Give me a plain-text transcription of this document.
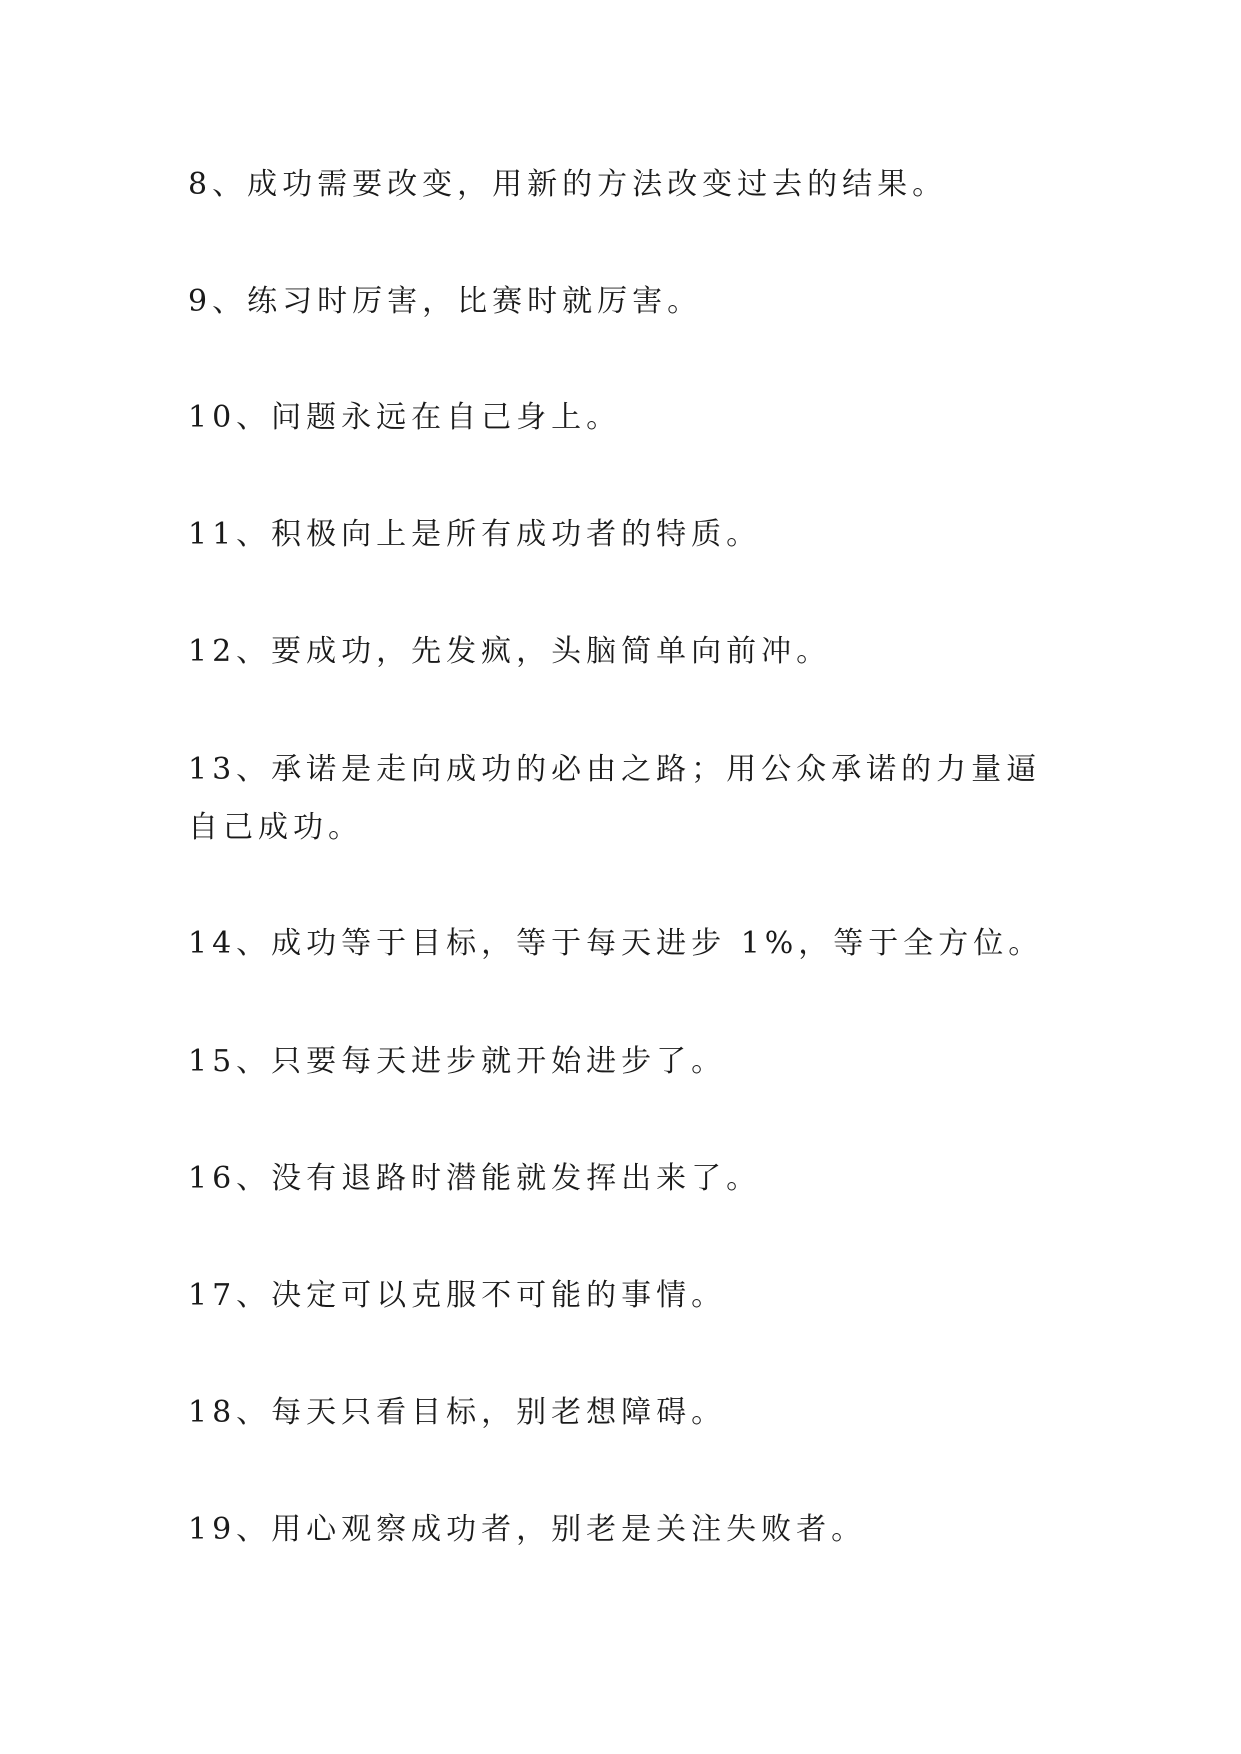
8、成功需要改变，用新的方法改变过去的结果。

9、练习时厉害，比赛时就厉害。

10、问题永远在自己身上。

11、积极向上是所有成功者的特质。

12、要成功，先发疯，头脑简单向前冲。

13、承诺是走向成功的必由之路；用公众承诺的力量逼自己成功。

14、成功等于目标，等于每天进步 1%，等于全方位。

15、只要每天进步就开始进步了。

16、没有退路时潜能就发挥出来了。

17、决定可以克服不可能的事情。

18、每天只看目标，别老想障碍。

19、用心观察成功者，别老是关注失败者。
